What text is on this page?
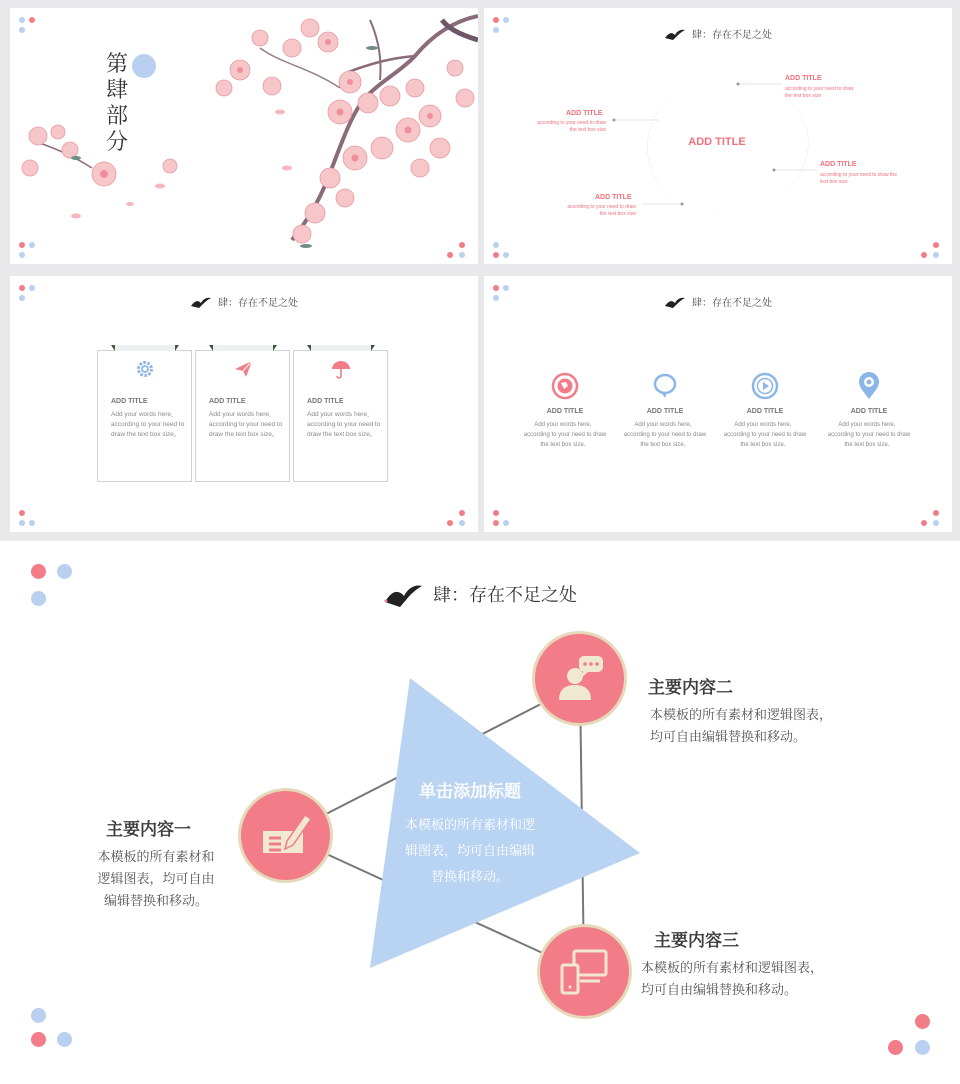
第肆部分
肆：存在不足之处
ADD TITLE
ADD TITLE
according to your need to draw
the text box size
ADD TITLE
according to your need to draw
the text box size
ADD TITLE
according to your need to draw the
text box size
ADD TITLE
according to your need to draw
the text box size
肆：存在不足之处
ADD TITLE
Add your words here，according to your need to draw the text box size。
ADD TITLE
Add your words here，according to your need to draw the text box size。
ADD TITLE
Add your words here，according to your need to draw the text box size。
肆：存在不足之处
ADD TITLE
Add your words here，according to your need to draw the text box size。
ADD TITLE
Add your words here，according to your need to draw the text box size。
ADD TITLE
Add your words here，according to your need to draw the text box size。
ADD TITLE
Add your words here，according to your need to draw the text box size。
肆：存在不足之处
单击添加标题
本模板的所有素材和逻
辑图表，均可自由编辑
替换和移动。
主要内容二
本模板的所有素材和逻辑图表，
均可自由编辑替换和移动。
主要内容一
本模板的所有素材和
逻辑图表，均可自由
编辑替换和移动。
主要内容三
本模板的所有素材和逻辑图表，
均可自由编辑替换和移动。
